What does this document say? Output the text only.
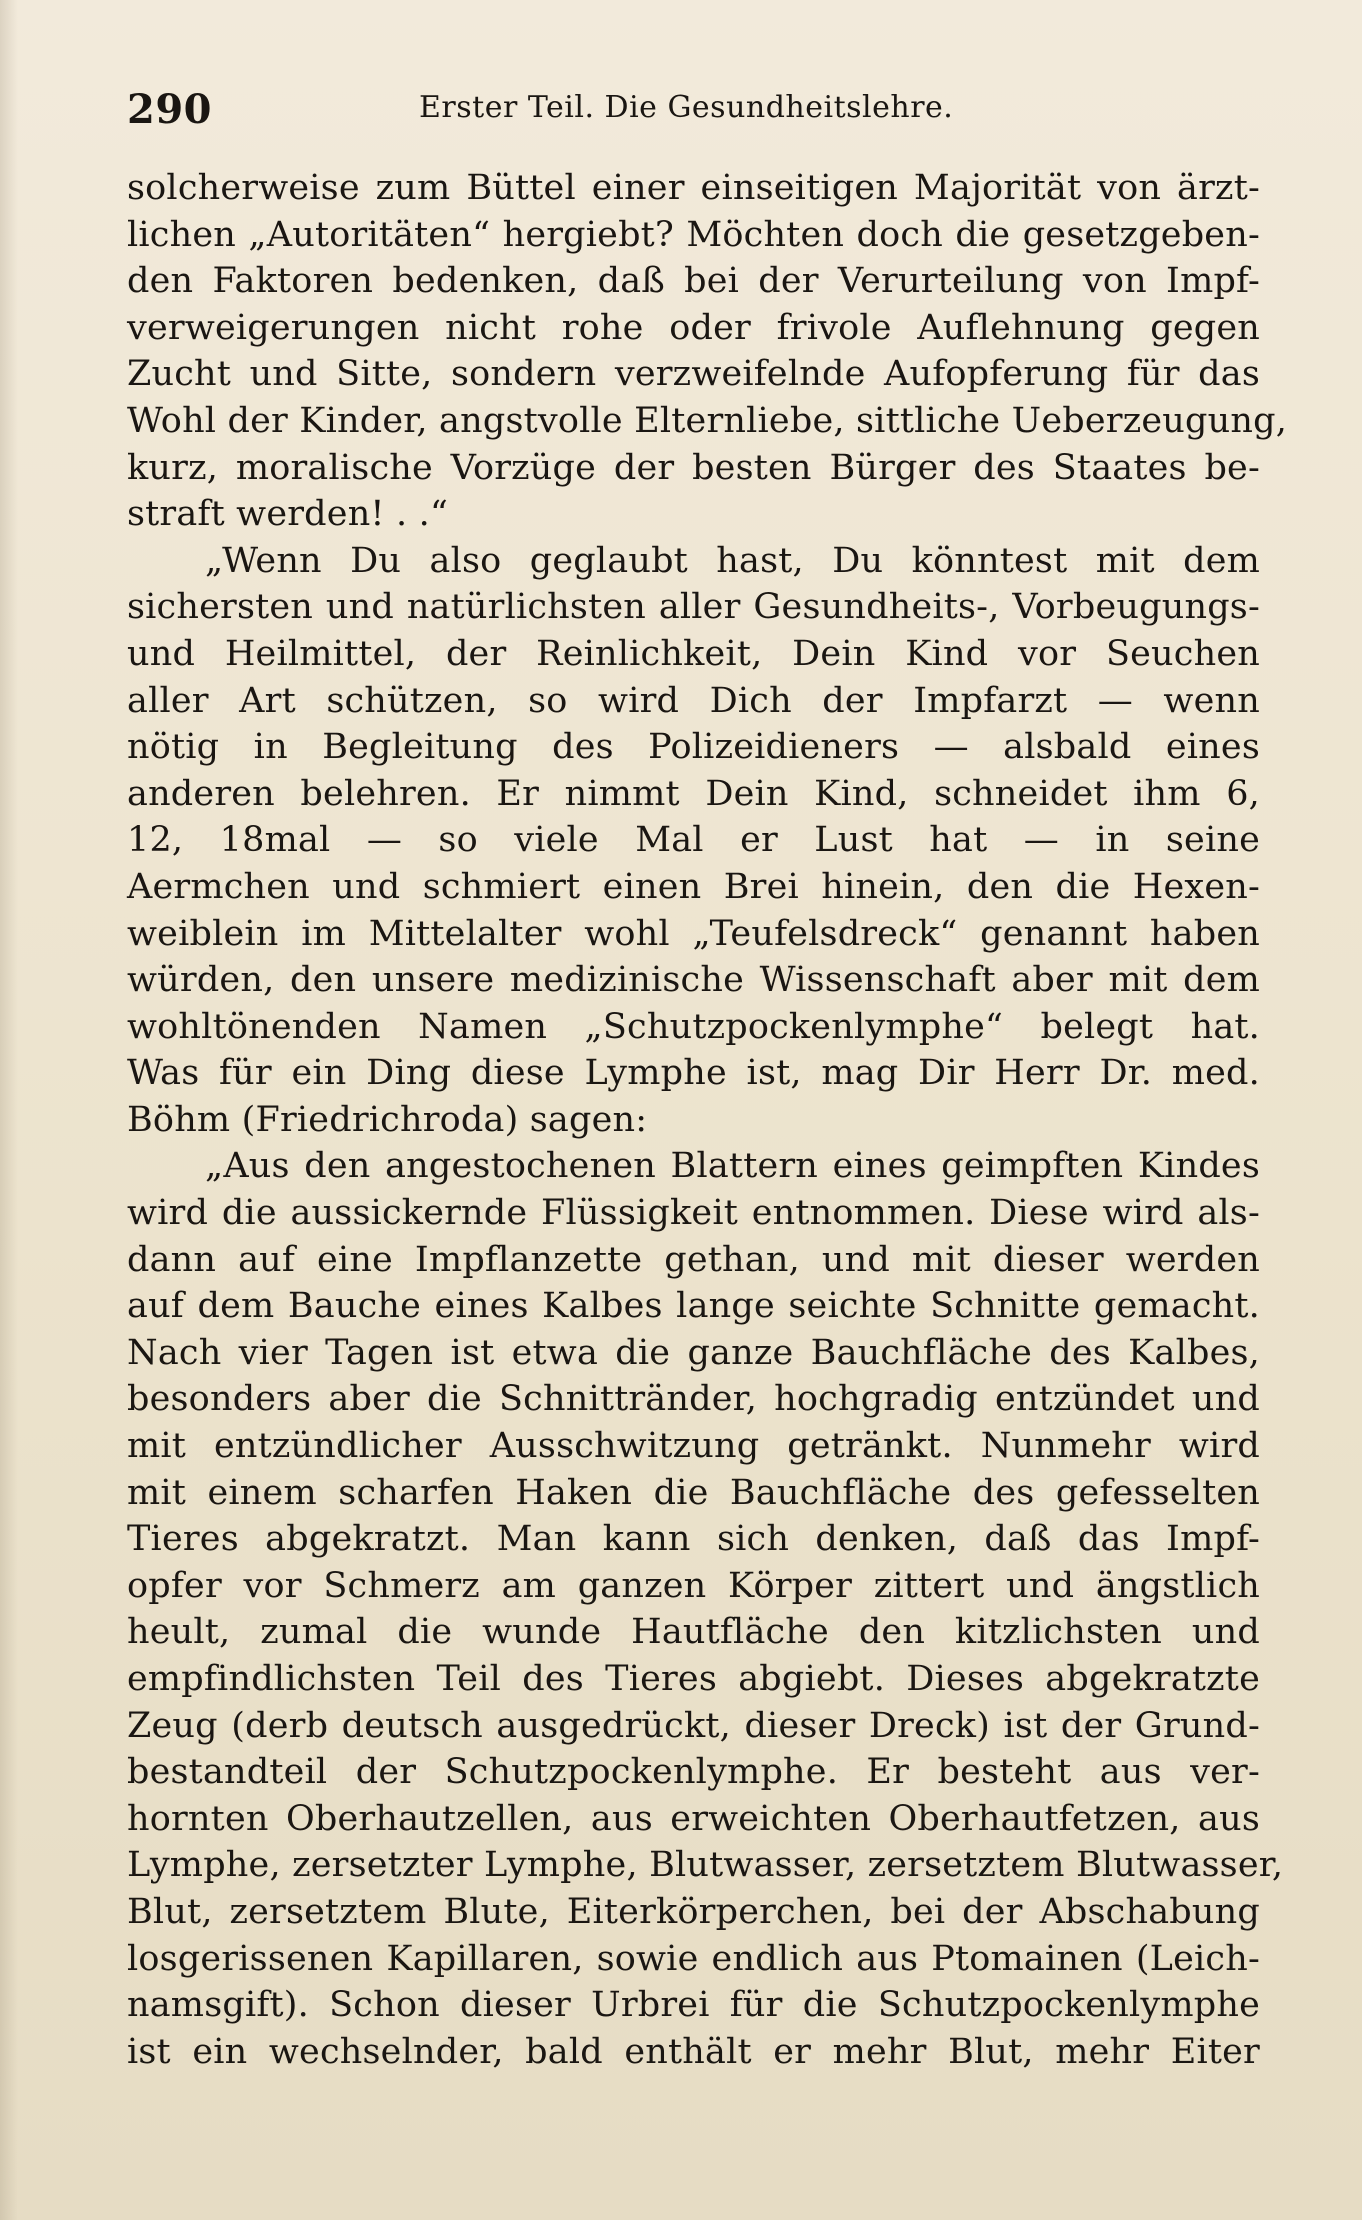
290	Erster Teil. Die Gesundheitslehre.
solcherweise zum Büttel einer einseitigen Majorität von ärzt-
lichen „Autoritäten“ hergiebt? Möchten doch die gesetzgeben-
den Faktoren bedenken, daß bei der Verurteilung von Impf-
verweigerungen nicht rohe oder frivole Auflehnung gegen
Zucht und Sitte, sondern verzweifelnde Aufopferung für das
Wohl der Kinder, angstvolle Elternliebe, sittliche Ueberzeugung,
kurz, moralische Vorzüge der besten Bürger des Staates be-
straft werden! . .“
„Wenn Du also geglaubt hast, Du könntest mit dem
sichersten und natürlichsten aller Gesundheits-, Vorbeugungs-
und Heilmittel, der Reinlichkeit, Dein Kind vor Seuchen
aller Art schützen, so wird Dich der Impfarzt — wenn
nötig in Begleitung des Polizeidieners — alsbald eines
anderen belehren. Er nimmt Dein Kind, schneidet ihm 6,
12, 18mal — so viele Mal er Lust hat — in seine
Aermchen und schmiert einen Brei hinein, den die Hexen-
weiblein im Mittelalter wohl „Teufelsdreck“ genannt haben
würden, den unsere medizinische Wissenschaft aber mit dem
wohltönenden Namen „Schutzpockenlymphe“ belegt hat.
Was für ein Ding diese Lymphe ist, mag Dir Herr Dr. med.
Böhm (Friedrichroda) sagen:
„Aus den angestochenen Blattern eines geimpften Kindes
wird die aussickernde Flüssigkeit entnommen. Diese wird als-
dann auf eine Impflanzette gethan, und mit dieser werden
auf dem Bauche eines Kalbes lange seichte Schnitte gemacht.
Nach vier Tagen ist etwa die ganze Bauchfläche des Kalbes,
besonders aber die Schnittränder, hochgradig entzündet und
mit entzündlicher Ausschwitzung getränkt. Nunmehr wird
mit einem scharfen Haken die Bauchfläche des gefesselten
Tieres abgekratzt. Man kann sich denken, daß das Impf-
opfer vor Schmerz am ganzen Körper zittert und ängstlich
heult, zumal die wunde Hautfläche den kitzlichsten und
empfindlichsten Teil des Tieres abgiebt. Dieses abgekratzte
Zeug (derb deutsch ausgedrückt, dieser Dreck) ist der Grund-
bestandteil der Schutzpockenlymphe. Er besteht aus ver-
hornten Oberhautzellen, aus erweichten Oberhautfetzen, aus
Lymphe, zersetzter Lymphe, Blutwasser, zersetztem Blutwasser,
Blut, zersetztem Blute, Eiterkörperchen, bei der Abschabung
losgerissenen Kapillaren, sowie endlich aus Ptomainen (Leich-
namsgift). Schon dieser Urbrei für die Schutzpockenlymphe
ist ein wechselnder, bald enthält er mehr Blut, mehr Eiter
